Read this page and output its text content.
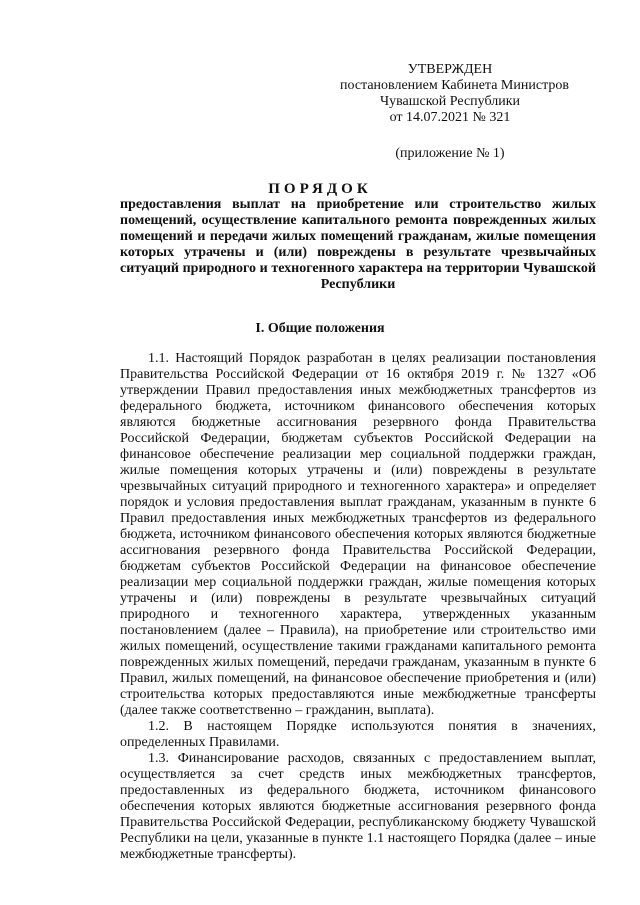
УТВЕРЖДЕН
постановлением Кабинета Министров
Чувашской Республики
от 14.07.2021 № 321
(приложение № 1)
ПОРЯДОК
предоставления выплат на приобретение или строительство жилых помещений, осуществление капитального ремонта поврежденных жилых помещений и передачи жилых помещений гражданам, жилые помещения которых утрачены и (или) повреждены в результате чрезвычайных ситуаций природного и техногенного характера на территории Чувашской Республики
I. Общие положения

1.1. Настоящий Порядок разработан в целях реализации постановления Правительства Российской Федерации от 16 октября 2019 г. № 1327 «Об утверждении Правил предоставления иных межбюджетных трансфертов из федерального бюджета, источником финансового обеспечения которых являются бюджетные ассигнования резервного фонда Правительства Российской Федерации, бюджетам субъектов Российской Федерации на финансовое обеспечение реализации мер социальной поддержки граждан, жилые помещения которых утрачены и (или) повреждены в результате чрезвычайных ситуаций природного и техногенного характера» и определяет порядок и условия предоставления выплат гражданам, указанным в пункте 6 Правил предоставления иных межбюджетных трансфертов из федерального бюджета, источником финансового обеспечения которых являются бюджетные ассигнования резервного фонда Правительства Российской Федерации, бюджетам субъектов Российской Федерации на финансовое обеспечение реализации мер социальной поддержки граждан, жилые помещения которых утрачены и (или) повреждены в результате чрезвычайных ситуаций природного и техногенного характера, утвержденных указанным постановлением (далее – Правила), на приобретение или строительство ими жилых помещений, осуществление такими гражданами капитального ремонта поврежденных жилых помещений, передачи гражданам, указанным в пункте 6 Правил, жилых помещений, на финансовое обеспечение приобретения и (или) строительства которых предоставляются иные межбюджетные трансферты (далее также соответственно – гражданин, выплата).

1.2. В настоящем Порядке используются понятия в значениях, определенных Правилами.

1.3. Финансирование расходов, связанных с предоставлением выплат, осуществляется за счет средств иных межбюджетных трансфертов, предоставленных из федерального бюджета, источником финансового обеспечения которых являются бюджетные ассигнования резервного фонда Правительства Российской Федерации, республиканскому бюджету Чувашской Республики на цели, указанные в пункте 1.1 настоящего Порядка (далее – иные межбюджетные трансферты).
